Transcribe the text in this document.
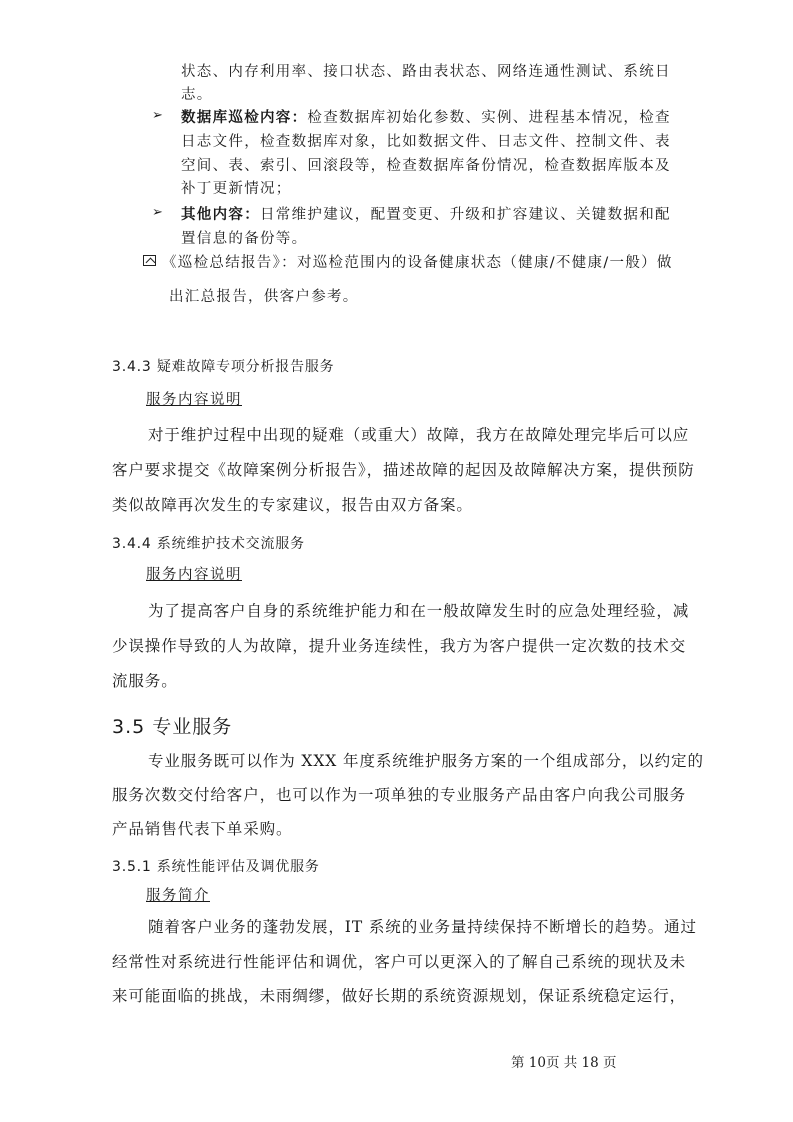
状态、内存利用率、接口状态、路由表状态、网络连通性测试、系统日
志。
➢ 数据库巡检内容：检查数据库初始化参数、实例、进程基本情况，检查
日志文件，检查数据库对象，比如数据文件、日志文件、控制文件、表
空间、表、索引、回滚段等，检查数据库备份情况，检查数据库版本及
补丁更新情况；
➢ 其他内容：日常维护建议，配置变更、升级和扩容建议、关键数据和配
置信息的备份等。
《巡检总结报告》：对巡检范围内的设备健康状态（健康/不健康/一般）做
出汇总报告，供客户参考。
3.4.3 疑难故障专项分析报告服务
服务内容说明
对于维护过程中出现的疑难（或重大）故障，我方在故障处理完毕后可以应
客户要求提交《故障案例分析报告》，描述故障的起因及故障解决方案，提供预防
类似故障再次发生的专家建议，报告由双方备案。
3.4.4 系统维护技术交流服务
服务内容说明
为了提高客户自身的系统维护能力和在一般故障发生时的应急处理经验，减
少误操作导致的人为故障，提升业务连续性，我方为客户提供一定次数的技术交
流服务。
3.5 专业服务
专业服务既可以作为 XXX 年度系统维护服务方案的一个组成部分，以约定的
服务次数交付给客户，也可以作为一项单独的专业服务产品由客户向我公司服务
产品销售代表下单采购。
3.5.1 系统性能评估及调优服务
服务简介
随着客户业务的蓬勃发展，IT 系统的业务量持续保持不断增长的趋势。通过
经常性对系统进行性能评估和调优，客户可以更深入的了解自己系统的现状及未
来可能面临的挑战，未雨绸缪，做好长期的系统资源规划，保证系统稳定运行，
第 10页 共 18 页
